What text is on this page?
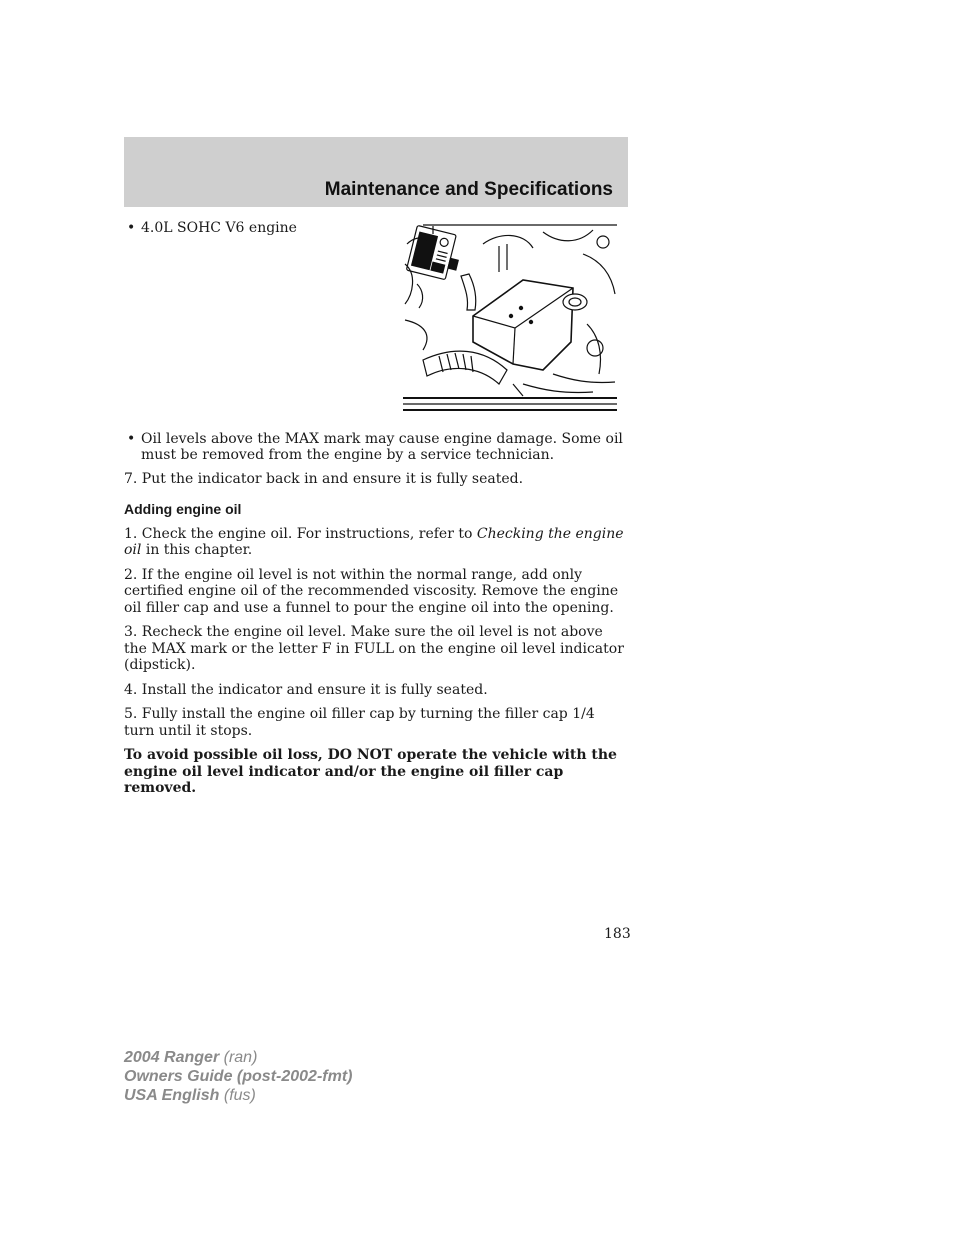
Maintenance and Specifications
• 4.0L SOHC V6 engine
• Oil levels above the MAX mark may cause engine damage. Some oil must be removed from the engine by a service technician.

7. Put the indicator back in and ensure it is fully seated.

Adding engine oil

1. Check the engine oil. For instructions, refer to Checking the engine oil in this chapter.

2. If the engine oil level is not within the normal range, add only certified engine oil of the recommended viscosity. Remove the engine oil filler cap and use a funnel to pour the engine oil into the opening.

3. Recheck the engine oil level. Make sure the oil level is not above the MAX mark or the letter F in FULL on the engine oil level indicator (dipstick).

4. Install the indicator and ensure it is fully seated.

5. Fully install the engine oil filler cap by turning the filler cap 1/4 turn until it stops.

To avoid possible oil loss, DO NOT operate the vehicle with the engine oil level indicator and/or the engine oil filler cap removed.

183
2004 Ranger (ran)
Owners Guide (post-2002-fmt)
USA English (fus)
